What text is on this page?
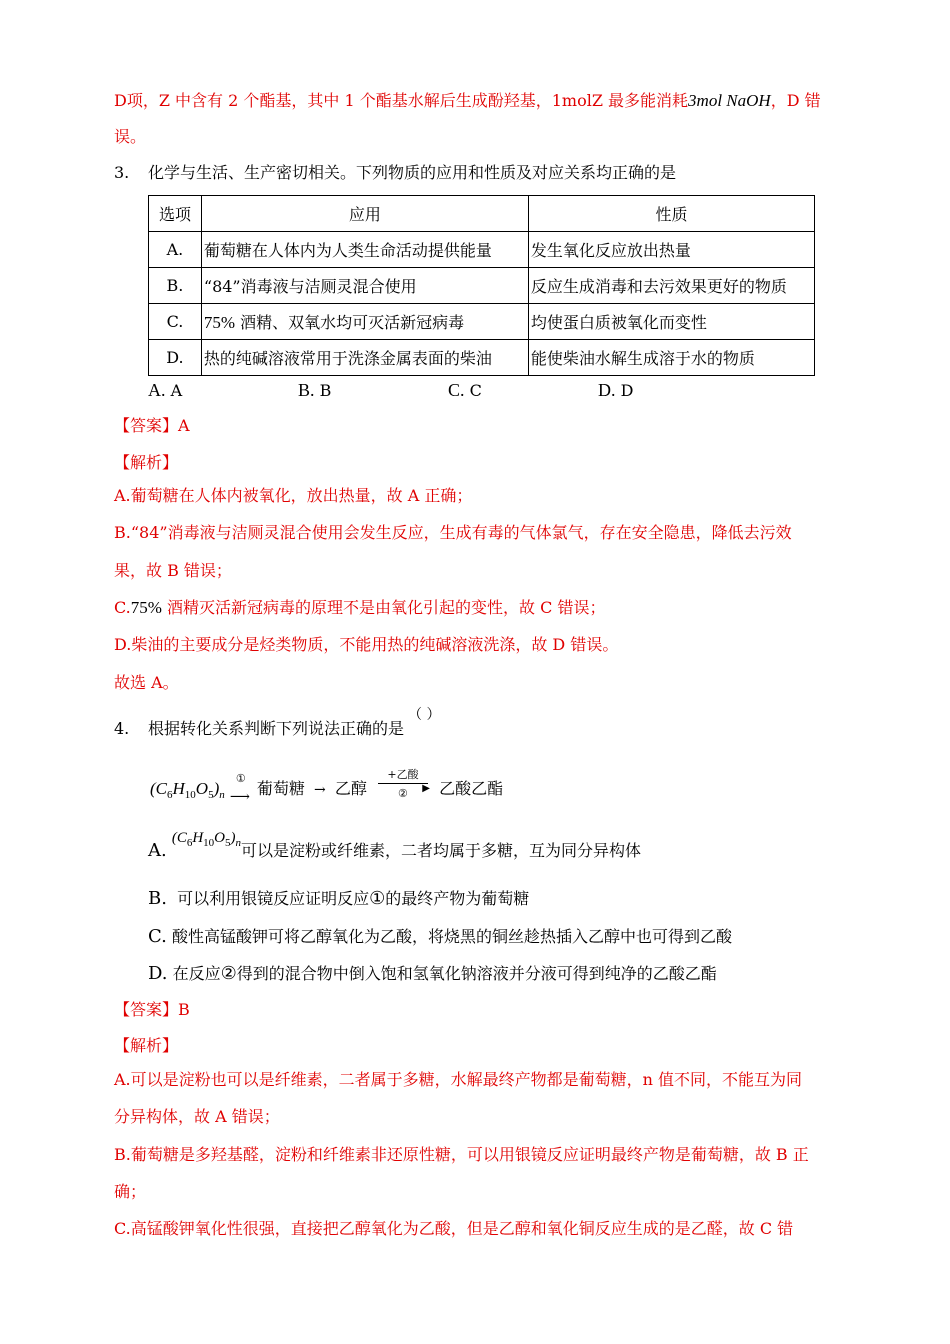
D项，Z 中含有 2 个酯基，其中 1 个酯基水解后生成酚羟基，1molZ 最多能消耗3mol NaOH，D 错
误。
3. 化学与生活、生产密切相关。下列物质的应用和性质及对应关系均正确的是
选项	应用	性质
A.	葡萄糖在人体内为人类生命活动提供能量	发生氧化反应放出热量
B.	“84”消毒液与洁厕灵混合使用	反应生成消毒和去污效果更好的物质
C.	75% 酒精、双氧水均可灭活新冠病毒	均使蛋白质被氧化而变性
D.	热的纯碱溶液常用于洗涤金属表面的柴油	能使柴油水解生成溶于水的物质
A. A	B. B	C. C	D. D
【答案】A
【解析】
A.葡萄糖在人体内被氧化，放出热量，故 A 正确；
B.“84”消毒液与洁厕灵混合使用会发生反应，生成有毒的气体氯气，存在安全隐患，降低去污效
果，故 B 错误；
C.75% 酒精灭活新冠病毒的原理不是由氧化引起的变性，故 C 错误；
D.柴油的主要成分是烃类物质，不能用热的纯碱溶液洗涤，故 D 错误。
故选 A。
4. 根据转化关系判断下列说法正确的是
（ ）
$(C_6H_{10}O_5)_n$
①
⟶ 葡萄糖 → 乙醇
+乙酸
▶
②	乙酸乙酯
A. $(C_6H_{10}O_5)_n$可以是淀粉或纤维素，二者均属于多糖，互为同分异构体
B. 可以利用银镜反应证明反应①的最终产物为葡萄糖
C. 酸性高锰酸钾可将乙醇氧化为乙酸，将烧黑的铜丝趁热插入乙醇中也可得到乙酸
D. 在反应②得到的混合物中倒入饱和氢氧化钠溶液并分液可得到纯净的乙酸乙酯
【答案】B
【解析】
A.可以是淀粉也可以是纤维素，二者属于多糖，水解最终产物都是葡萄糖，n 值不同，不能互为同
分异构体，故 A 错误；
B.葡萄糖是多羟基醛，淀粉和纤维素非还原性糖，可以用银镜反应证明最终产物是葡萄糖，故 B 正
确；
C.高锰酸钾氧化性很强，直接把乙醇氧化为乙酸，但是乙醇和氧化铜反应生成的是乙醛，故 C 错
